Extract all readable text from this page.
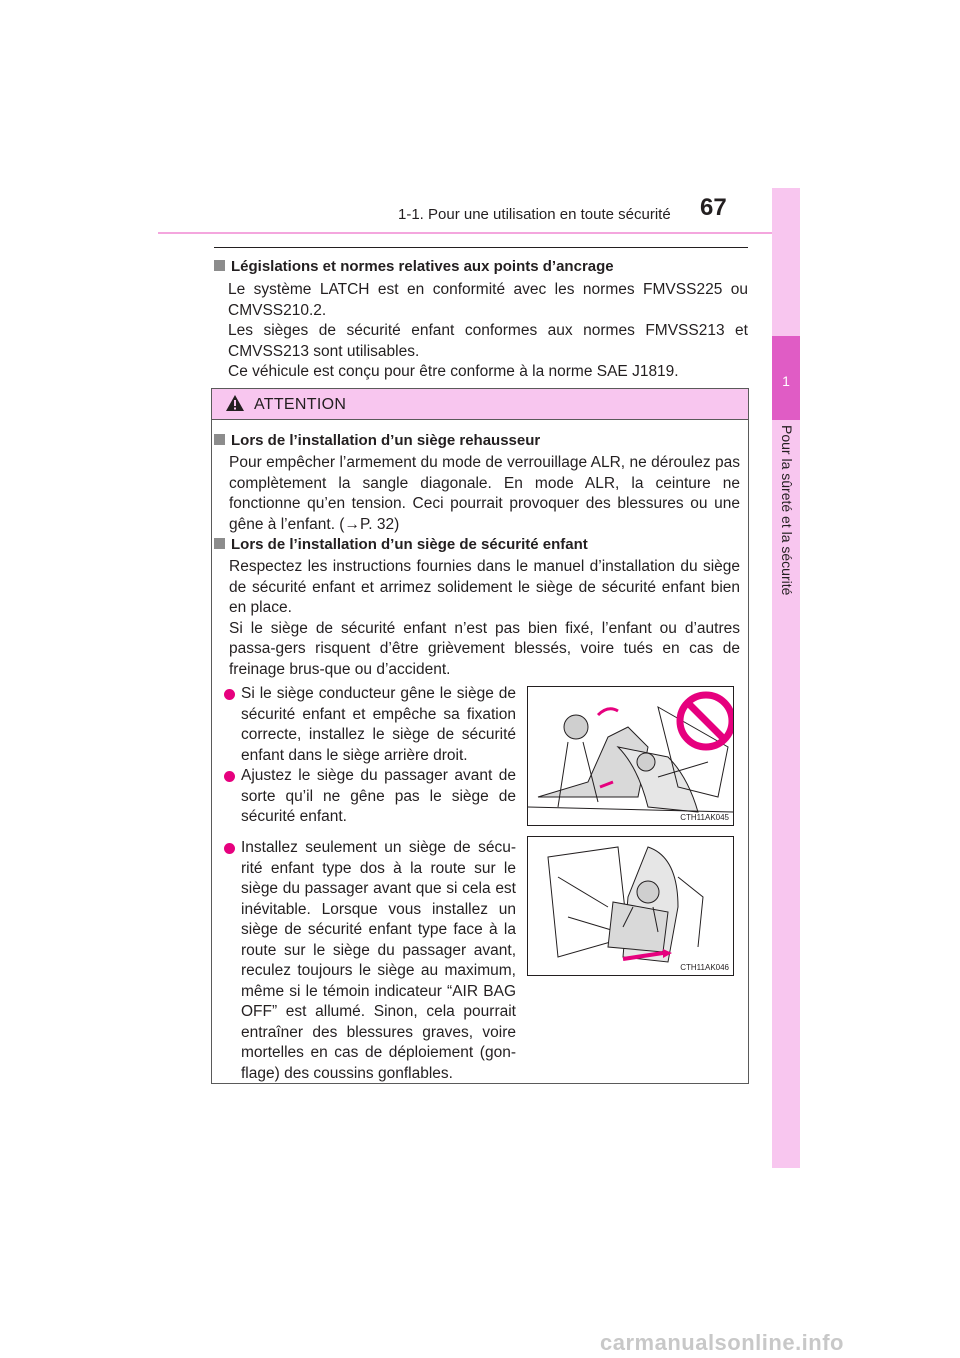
1-1. Pour une utilisation en toute sécurité 67
1
Pour la sûreté et la sécurité
Législations et normes relatives aux points d’ancrage

Le système LATCH est en conformité avec les normes FMVSS225 ou CMVSS210.2.

Les sièges de sécurité enfant conformes aux normes FMVSS213 et CMVSS213 sont utilisables.

Ce véhicule est conçu pour être conforme à la norme SAE J1819.

ATTENTION
Lors de l’installation d’un siège rehausseur

Pour empêcher l’armement du mode de verrouillage ALR, ne déroulez pas complètement la sangle diagonale. En mode ALR, la ceinture ne fonctionne qu’en tension. Ceci pourrait provoquer des blessures ou une gêne à l’enfant. (→P. 32)

Lors de l’installation d’un siège de sécurité enfant

Respectez les instructions fournies dans le manuel d’installation du siège de sécurité enfant et arrimez solidement le siège de sécurité enfant bien en place.

Si le siège de sécurité enfant n’est pas bien fixé, l’enfant ou d’autres passa-gers risquent d’être grièvement blessés, voire tués en cas de freinage brus-que ou d’accident.

Si le siège conducteur gêne le siège de sécurité enfant et empêche sa fixation correcte, installez le siège de sécurité enfant dans le siège arrière droit.

Ajustez le siège du passager avant de sorte qu’il ne gêne pas le siège de sécurité enfant.

Installez seulement un siège de sécu-rité enfant type dos à la route sur le siège du passager avant que si cela est inévitable. Lorsque vous installez un siège de sécurité enfant type face à la route sur le siège du passager avant, reculez toujours le siège au maximum, même si le témoin indicateur “AIR BAG OFF” est allumé. Sinon, cela pourrait entraîner des blessures graves, voire mortelles en cas de déploiement (gon-flage) des coussins gonflables.

CTH11AK045
CTH11AK046
carmanualsonline.info
